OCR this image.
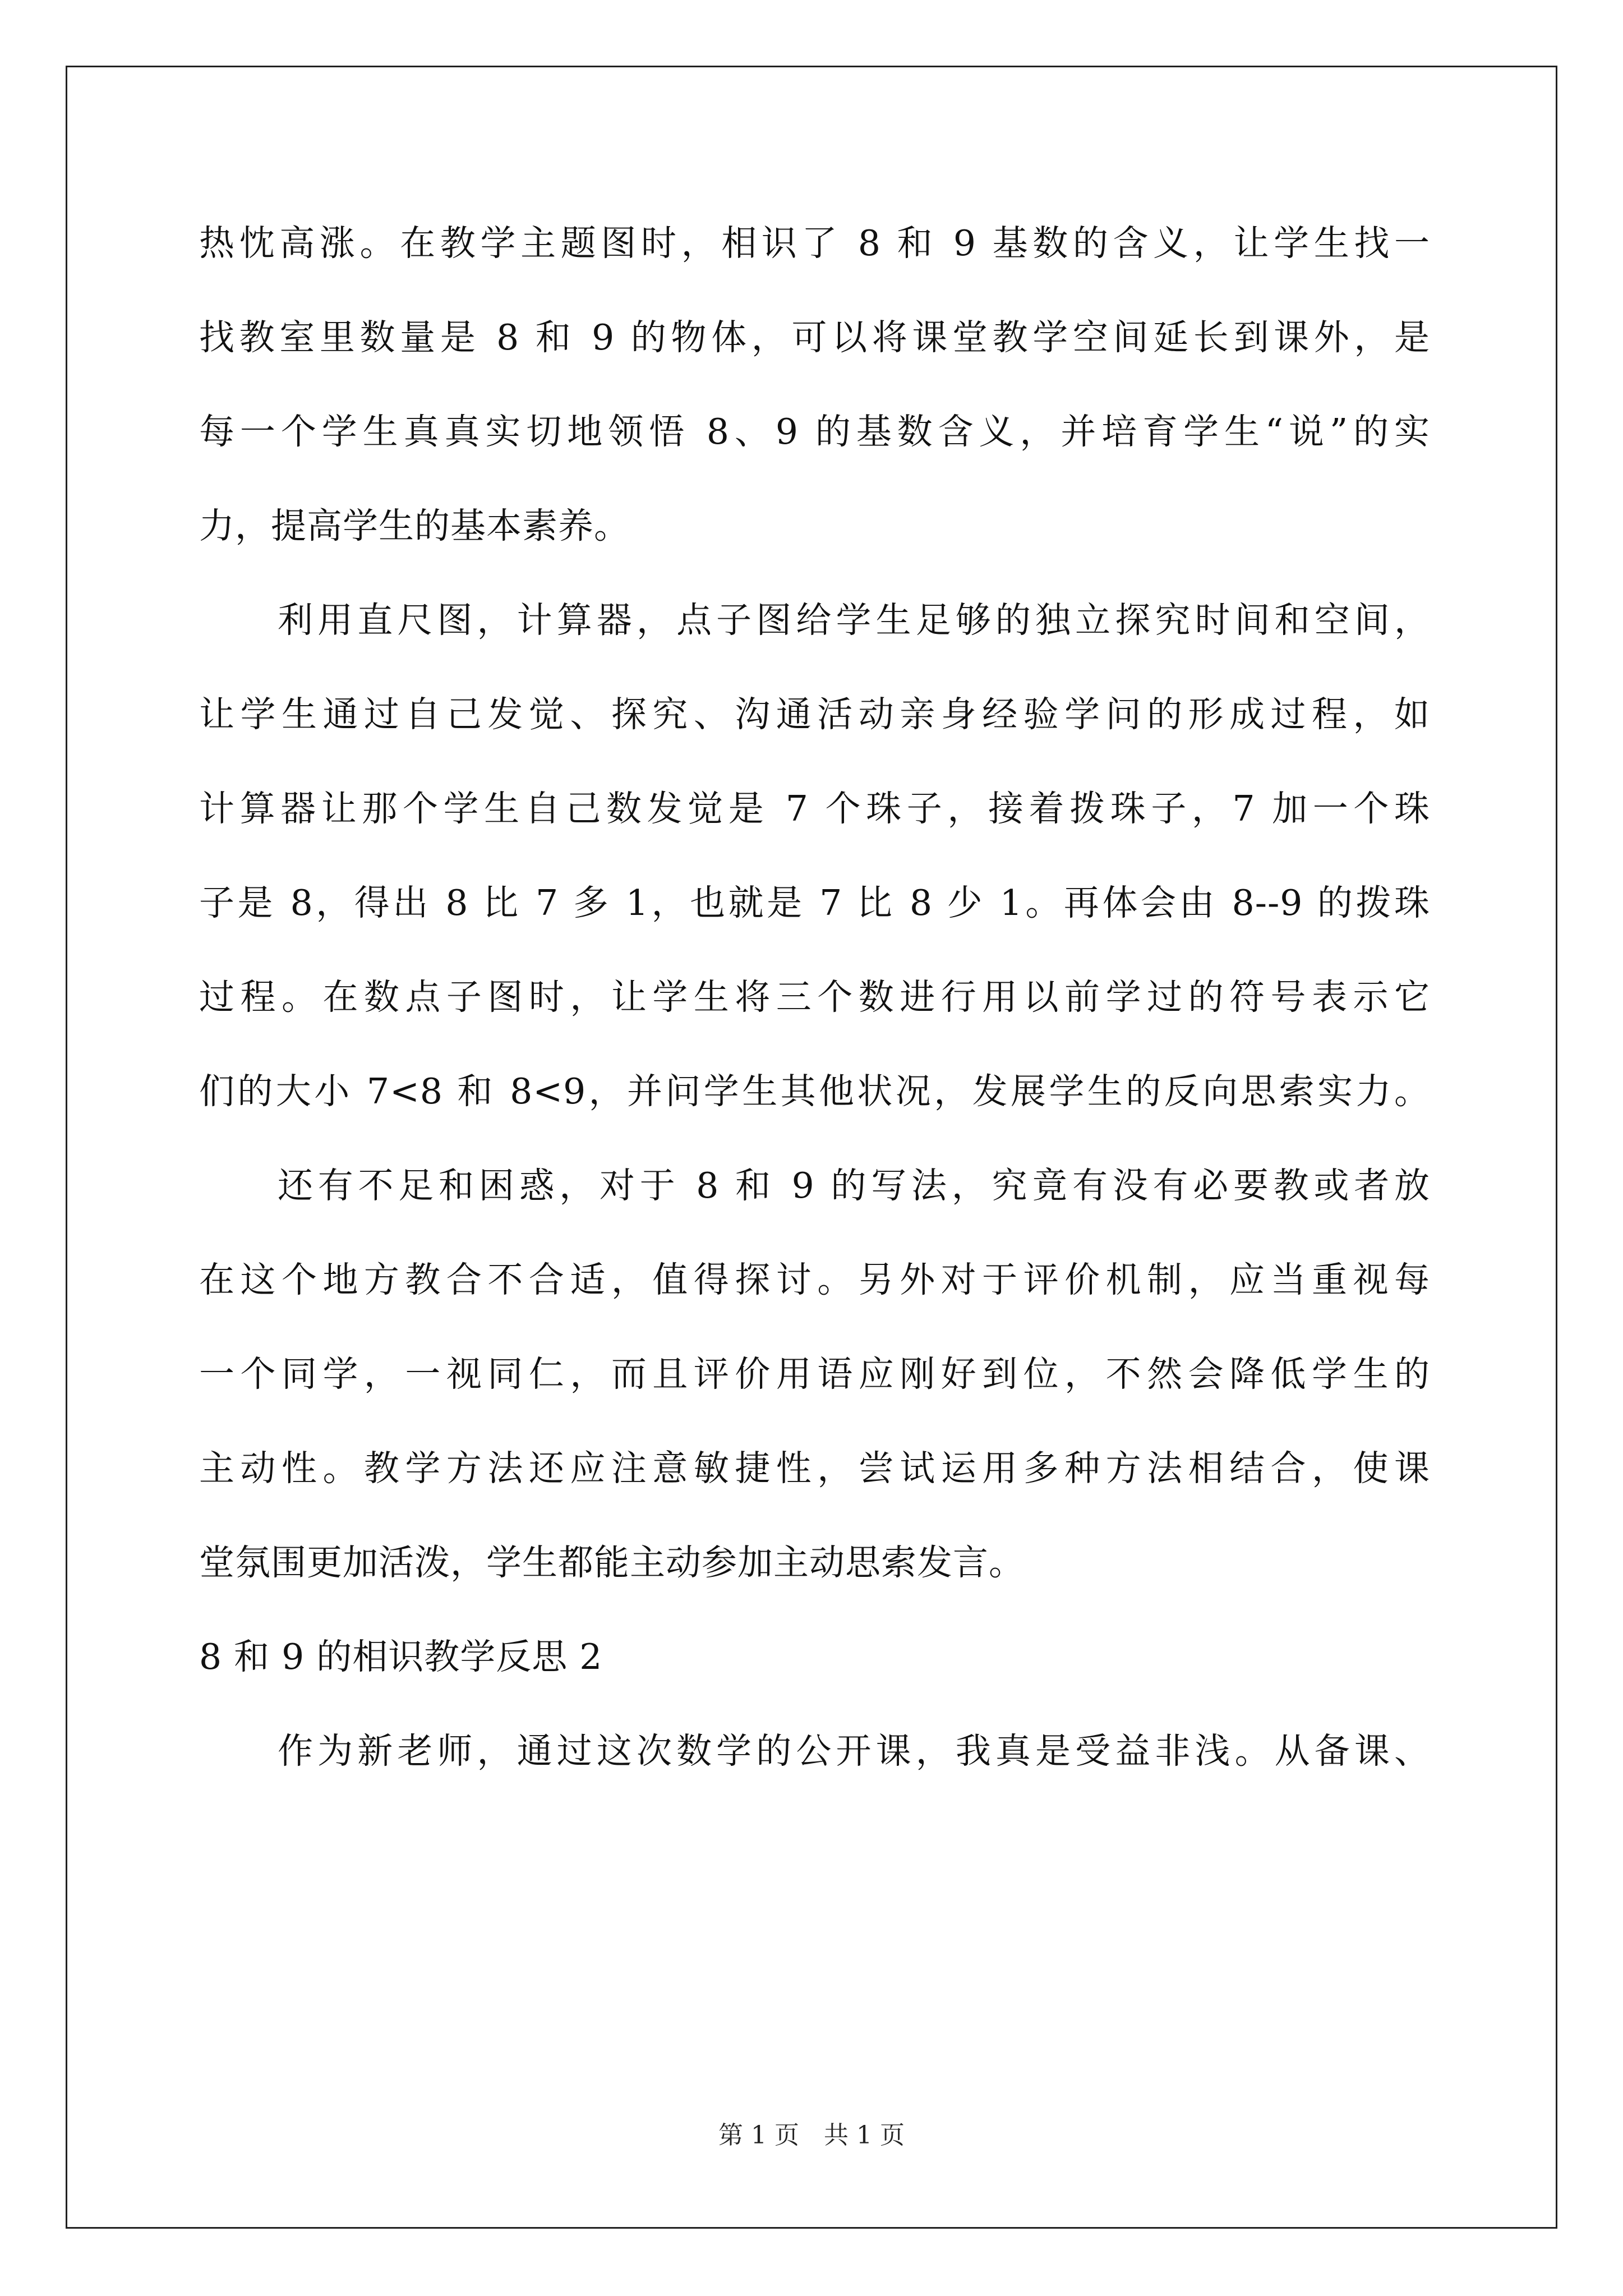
热忱高涨。在教学主题图时，相识了 8 和 9 基数的含义，让学生找一
找教室里数量是 8 和 9 的物体，可以将课堂教学空间延长到课外，是
每一个学生真真实切地领悟 8、9 的基数含义，并培育学生“说”的实
力，提高学生的基本素养。
利用直尺图，计算器，点子图给学生足够的独立探究时间和空间，
让学生通过自己发觉、探究、沟通活动亲身经验学问的形成过程，如
计算器让那个学生自己数发觉是 7 个珠子，接着拨珠子，7 加一个珠
子是 8，得出 8 比 7 多 1，也就是 7 比 8 少 1。再体会由 8--9 的拨珠
过程。在数点子图时，让学生将三个数进行用以前学过的符号表示它
们的大小 7<8 和 8<9，并问学生其他状况，发展学生的反向思索实力。
还有不足和困惑，对于 8 和 9 的写法，究竟有没有必要教或者放
在这个地方教合不合适，值得探讨。另外对于评价机制，应当重视每
一个同学，一视同仁，而且评价用语应刚好到位，不然会降低学生的
主动性。教学方法还应注意敏捷性，尝试运用多种方法相结合，使课
堂氛围更加活泼，学生都能主动参加主动思索发言。
8 和 9 的相识教学反思 2
作为新老师，通过这次数学的公开课，我真是受益非浅。从备课、
第 1 页　共 1 页
